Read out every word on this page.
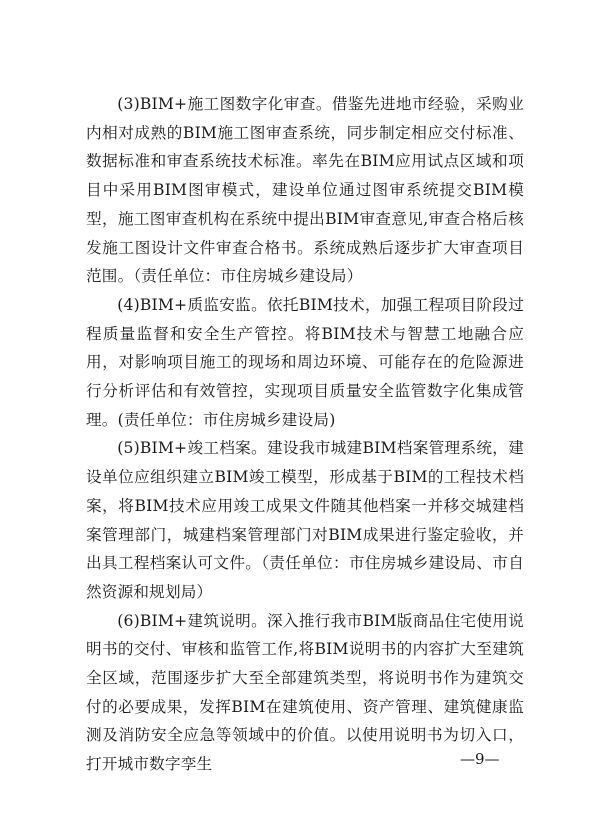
(3)BIM+施工图数字化审查。借鉴先进地市经验，采购业内相对成熟的BIM施工图审查系统，同步制定相应交付标准、数据标准和审查系统技术标准。率先在BIM应用试点区域和项目中采用BIM图审模式，建设单位通过图审系统提交BIM模型，施工图审查机构在系统中提出BIM审查意见,审查合格后核发施工图设计文件审查合格书。系统成熟后逐步扩大审查项目范围。（责任单位：市住房城乡建设局）

(4)BIM+质监安监。依托BIM技术，加强工程项目阶段过程质量监督和安全生产管控。将BIM技术与智慧工地融合应用，对影响项目施工的现场和周边环境、可能存在的危险源进行分析评估和有效管控，实现项目质量安全监管数字化集成管理。(责任单位：市住房城乡建设局)

(5)BIM+竣工档案。建设我市城建BIM档案管理系统，建设单位应组织建立BIM竣工模型，形成基于BIM的工程技术档案，将BIM技术应用竣工成果文件随其他档案一并移交城建档案管理部门，城建档案管理部门对BIM成果进行鉴定验收，并出具工程档案认可文件。（责任单位：市住房城乡建设局、市自然资源和规划局）

(6)BIM+建筑说明。深入推行我市BIM版商品住宅使用说明书的交付、审核和监管工作,将BIM说明书的内容扩大至建筑全区域，范围逐步扩大至全部建筑类型，将说明书作为建筑交付的必要成果，发挥BIM在建筑使用、资产管理、建筑健康监测及消防安全应急等领域中的价值。以使用说明书为切入口，打开城市数字孪生	—9—
